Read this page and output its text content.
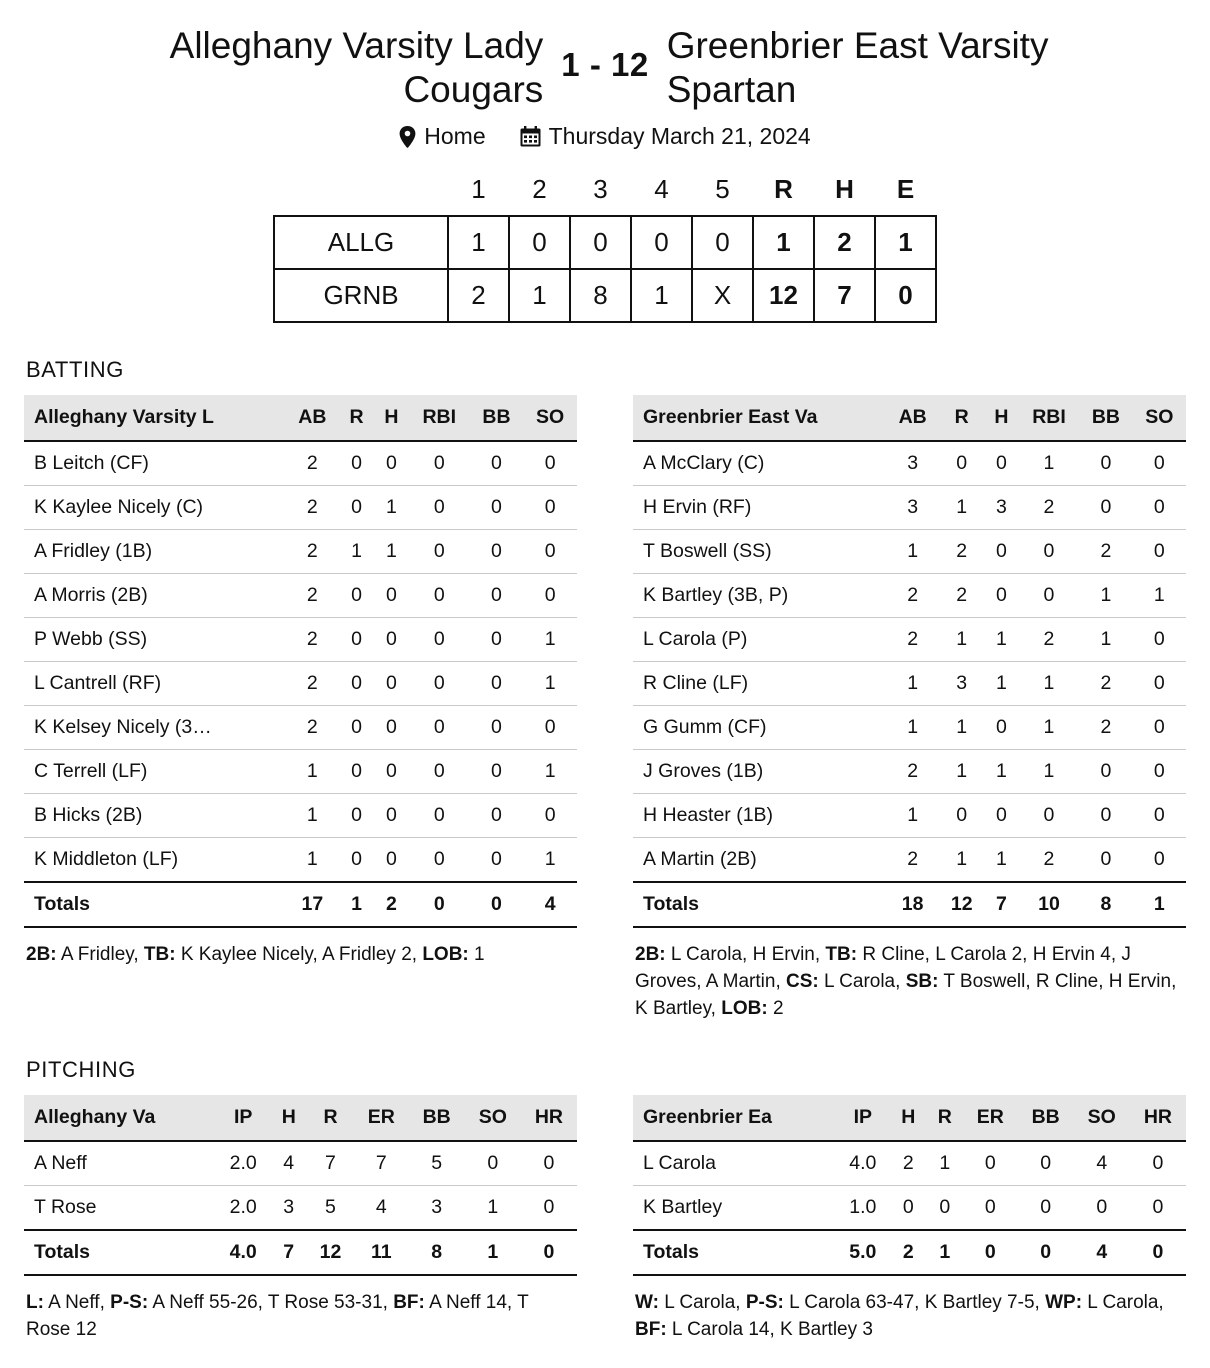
Alleghany Varsity Lady Cougars
1 - 12 Greenbrier East Varsity Spartan
Home	Thursday March 21, 2024
	1	2	3	4	5	R	H	E
ALLG	1	0	0	0	0	1	2	1
GRNB	2	1	8	1	X	12	7	0
BATTING
Alleghany Varsity L	AB	R	H	RBI	BB	SO
B Leitch (CF)	2	0	0	0	0	0
K Kaylee Nicely (C)	2	0	1	0	0	0
A Fridley (1B)	2	1	1	0	0	0
A Morris (2B)	2	0	0	0	0	0
P Webb (SS)	2	0	0	0	0	1
L Cantrell (RF)	2	0	0	0	0	1
K Kelsey Nicely (3…	2	0	0	0	0	0
C Terrell (LF)	1	0	0	0	0	1
B Hicks (2B)	1	0	0	0	0	0
K Middleton (LF)	1	0	0	0	0	1
Totals	17	1	2	0	0	4
2B: A Fridley, TB: K Kaylee Nicely, A Fridley 2, LOB: 1
Greenbrier East Va	AB	R	H	RBI	BB	SO
A McClary (C)	3	0	0	1	0	0
H Ervin (RF)	3	1	3	2	0	0
T Boswell (SS)	1	2	0	0	2	0
K Bartley (3B, P)	2	2	0	0	1	1
L Carola (P)	2	1	1	2	1	0
R Cline (LF)	1	3	1	1	2	0
G Gumm (CF)	1	1	0	1	2	0
J Groves (1B)	2	1	1	1	0	0
H Heaster (1B)	1	0	0	0	0	0
A Martin (2B)	2	1	1	2	0	0
Totals	18	12	7	10	8	1
2B: L Carola, H Ervin, TB: R Cline, L Carola 2, H Ervin 4, J Groves, A Martin, CS: L Carola, SB: T Boswell, R Cline, H Ervin, K Bartley, LOB: 2
PITCHING
Alleghany Va	IP	H	R	ER	BB	SO	HR
A Neff	2.0	4	7	7	5	0	0
T Rose	2.0	3	5	4	3	1	0
Totals	4.0	7	12	11	8	1	0
L: A Neff, P-S: A Neff 55-26, T Rose 53-31, BF: A Neff 14, T Rose 12
Greenbrier Ea	IP	H	R	ER	BB	SO	HR
L Carola	4.0	2	1	0	0	4	0
K Bartley	1.0	0	0	0	0	0	0
Totals	5.0	2	1	0	0	4	0
W: L Carola, P-S: L Carola 63-47, K Bartley 7-5, WP: L Carola, BF: L Carola 14, K Bartley 3
